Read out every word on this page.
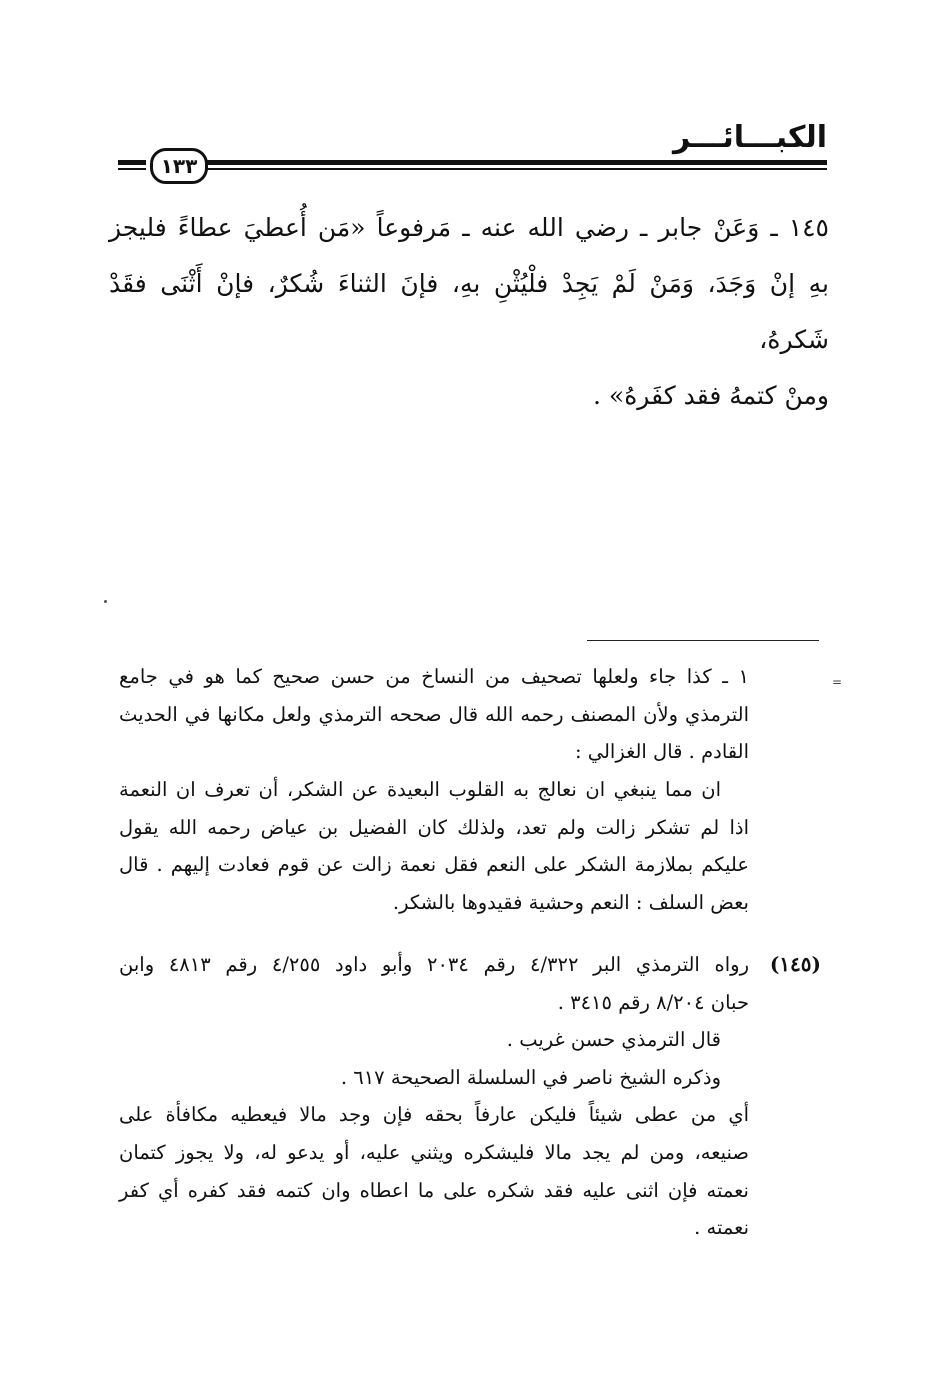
الكبـــائـــر
١٣٣
١٤٥ ـ وَعَنْ جابر ـ رضي الله عنه ـ مَرفوعاً «مَن أُعطيَ عطاءً فليجز
بهِ إنْ وَجَدَ، وَمَنْ لَمْ يَجِدْ فلْيُثْنِ بهِ، فإنَ الثناءَ شُكرٌ، فإنْ أَثْنَى فقَدْ شَكرهُ،
ومنْ كتمهُ فقد كفَرهُ» .
=
١ ـ كذا جاء ولعلها تصحيف من النساخ من حسن صحيح كما هو في جامع
الترمذي ولأن المصنف رحمه الله قال صححه الترمذي ولعل مكانها في الحديث
القادم . قال الغزالي :
ان مما ينبغي ان نعالج به القلوب البعيدة عن الشكر، أن تعرف ان النعمة
اذا لم تشكر زالت ولم تعد، ولذلك كان الفضيل بن عياض رحمه الله يقول
عليكم بملازمة الشكر على النعم فقل نعمة زالت عن قوم فعادت إليهم . قال
بعض السلف : النعم وحشية فقيدوها بالشكر.
(١٤٥)
رواه الترمذي البر ٤/٣٢٢ رقم ٢٠٣٤ وأبو داود ٤/٢٥٥ رقم ٤٨١٣ وابن
حبان ٨/٢٠٤ رقم ٣٤١٥ .
قال الترمذي حسن غريب .
وذكره الشيخ ناصر في السلسلة الصحيحة ٦١٧ .
أي من عطى شيئاً فليكن عارفاً بحقه فإن وجد مالا فيعطيه مكافأة على
صنيعه، ومن لم يجد مالا فليشكره ويثني عليه، أو يدعو له، ولا يجوز كتمان
نعمته فإن اثنى عليه فقد شكره على ما اعطاه وان كتمه فقد كفره أي كفر
نعمته .
